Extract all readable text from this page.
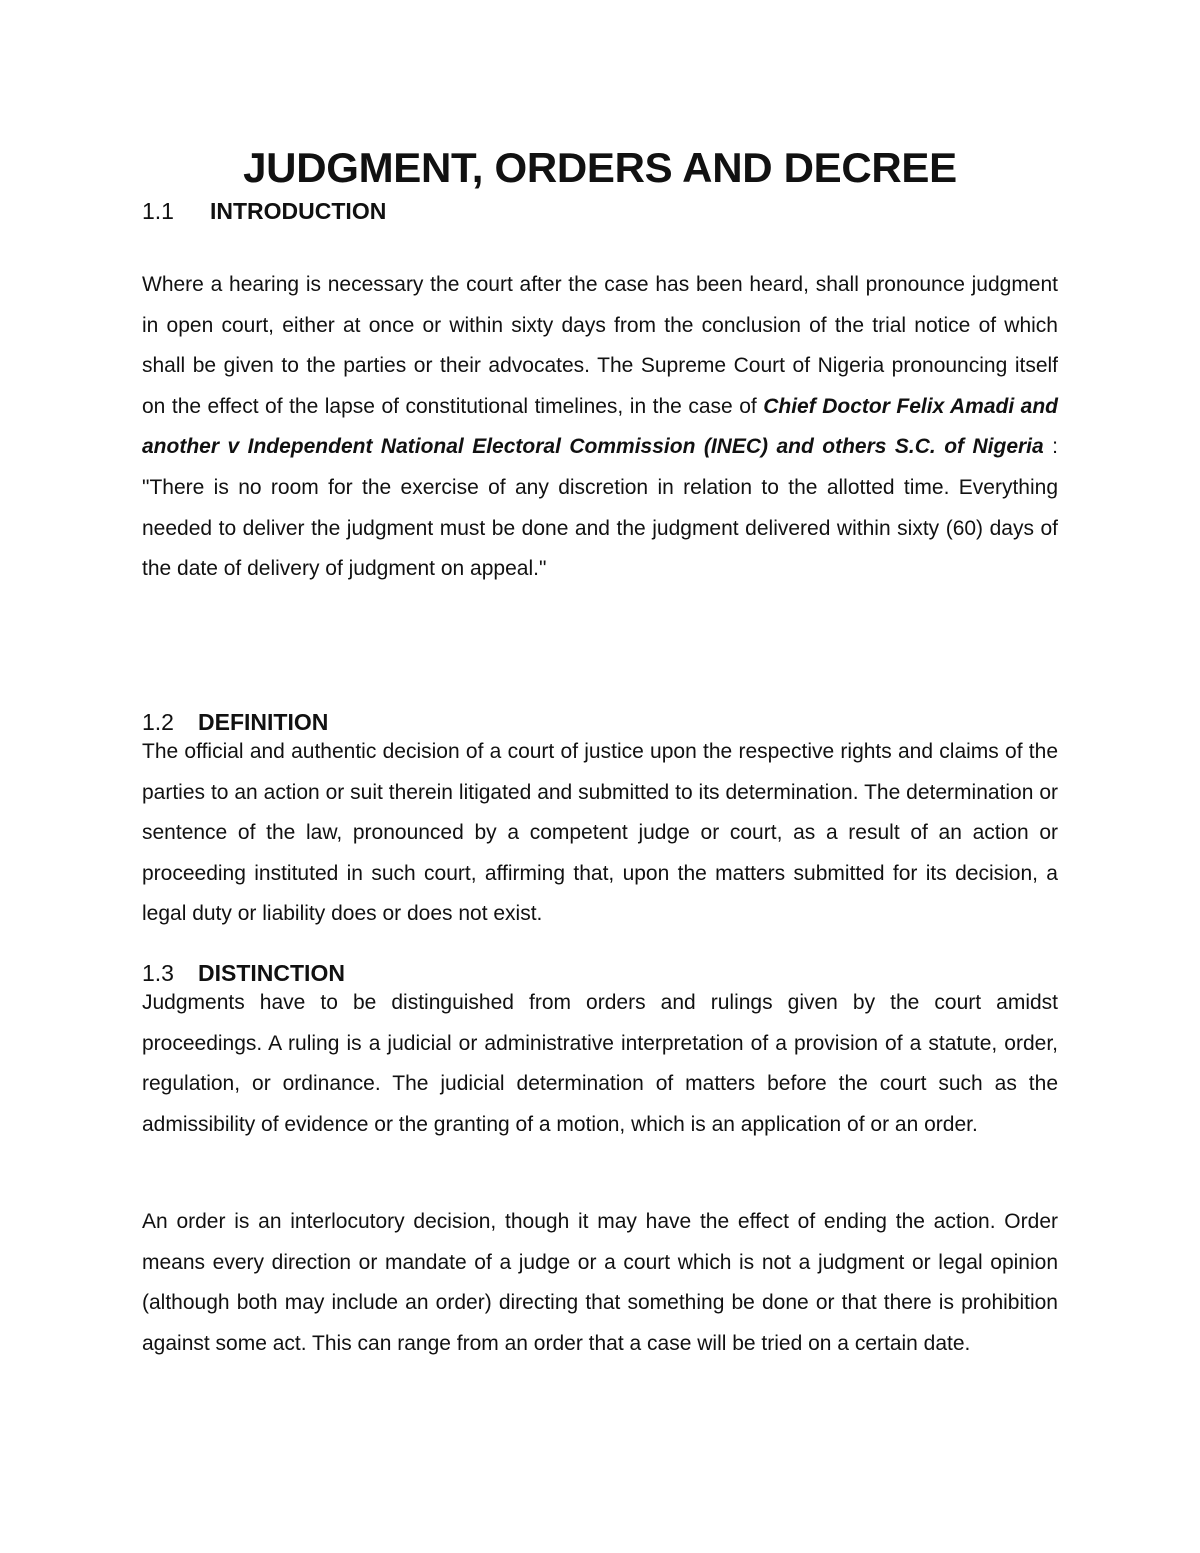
JUDGMENT, ORDERS AND DECREE
1.1 INTRODUCTION

Where a hearing is necessary the court after the case has been heard, shall pronounce judgment in open court, either at once or within sixty days from the conclusion of the trial notice of which shall be given to the parties or their advocates. The Supreme Court of Nigeria pronouncing itself on the effect of the lapse of constitutional timelines, in the case of Chief Doctor Felix Amadi and another v Independent National Electoral Commission (INEC) and others S.C. of Nigeria : "There is no room for the exercise of any discretion in relation to the allotted time. Everything needed to deliver the judgment must be done and the judgment delivered within sixty (60) days of the date of delivery of judgment on appeal."

1.2 DEFINITION

The official and authentic decision of a court of justice upon the respective rights and claims of the parties to an action or suit therein litigated and submitted to its determination. The determination or sentence of the law, pronounced by a competent judge or court, as a result of an action or proceeding instituted in such court, affirming that, upon the matters submitted for its decision, a legal duty or liability does or does not exist.

1.3 DISTINCTION

Judgments have to be distinguished from orders and rulings given by the court amidst proceedings. A ruling is a judicial or administrative interpretation of a provision of a statute, order, regulation, or ordinance. The judicial determination of matters before the court such as the admissibility of evidence or the granting of a motion, which is an application of or an order.

An order is an interlocutory decision, though it may have the effect of ending the action. Order means every direction or mandate of a judge or a court which is not a judgment or legal opinion (although both may include an order) directing that something be done or that there is prohibition against some act. This can range from an order that a case will be tried on a certain date.
